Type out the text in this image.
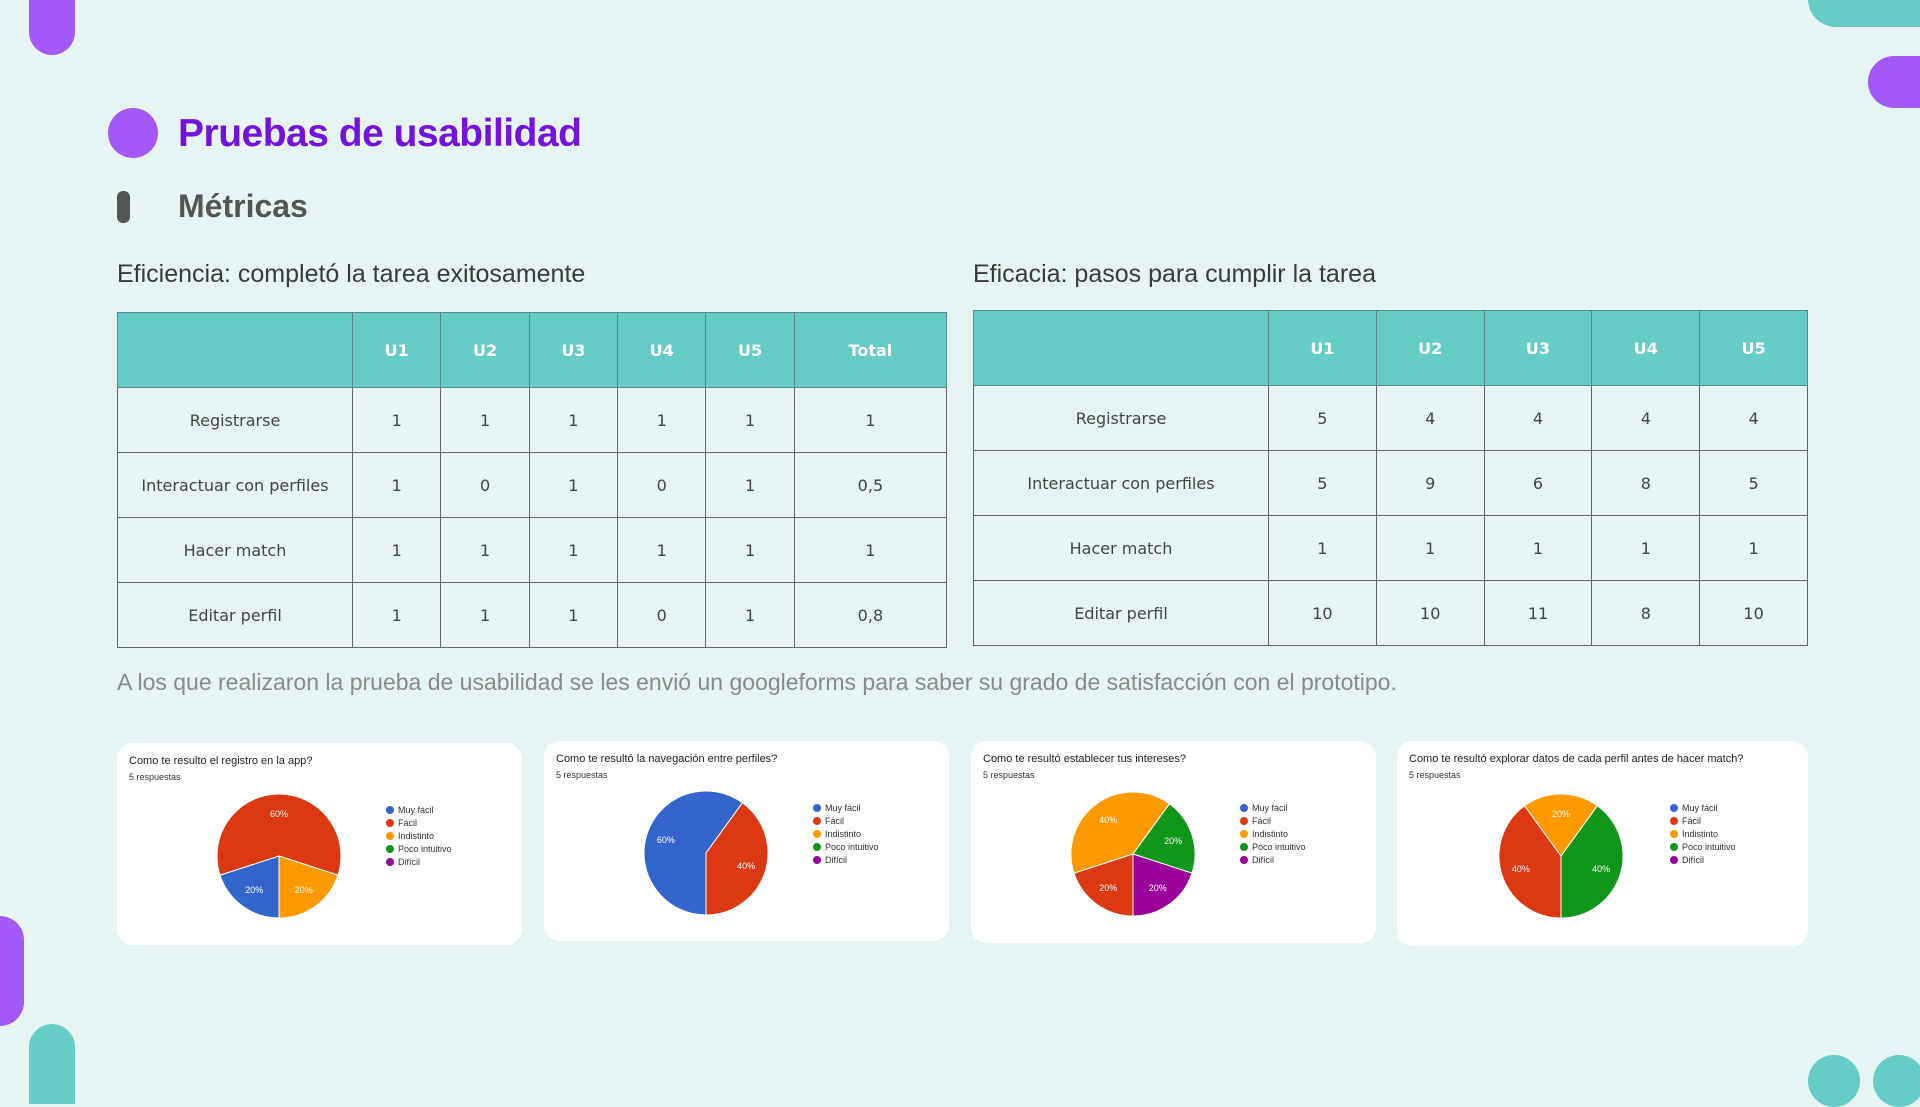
Pruebas de usabilidad
Métricas
Eficiencia: completó la tarea exitosamente
	U1	U2	U3	U4	U5	Total
Registrarse	1	1	1	1	1	1
Interactuar con perfiles	1	0	1	0	1	0,5
Hacer match	1	1	1	1	1	1
Editar perfil	1	1	1	0	1	0,8
Eficacia: pasos para cumplir la tarea
	U1	U2	U3	U4	U5
Registrarse	5	4	4	4	4
Interactuar con perfiles	5	9	6	8	5
Hacer match	1	1	1	1	1
Editar perfil	10	10	11	8	10

A los que realizaron la prueba de usabilidad se les envió un googleforms para saber su grado de satisfacción con el prototipo.

Como te resulto el registro en la app?
5 respuestas
20%
60%
20%
Muy fácil
Fácil
Indistinto
Poco intuitivo
Difícil
Como te resultó la navegación entre perfiles?
5 respuestas
60%
40%
Muy fácil
Fácil
Indistinto
Poco intuitivo
Difícil
Como te resultó establecer tus intereses?
5 respuestas
20%
40%
20%
20%
Muy fácil
Fácil
Indistinto
Poco intuitivo
Difícil
Como te resultó explorar datos de cada perfil antes de hacer match?
5 respuestas
40%
20%
40%
Muy fácil
Fácil
Indistinto
Poco intuitivo
Difícil
